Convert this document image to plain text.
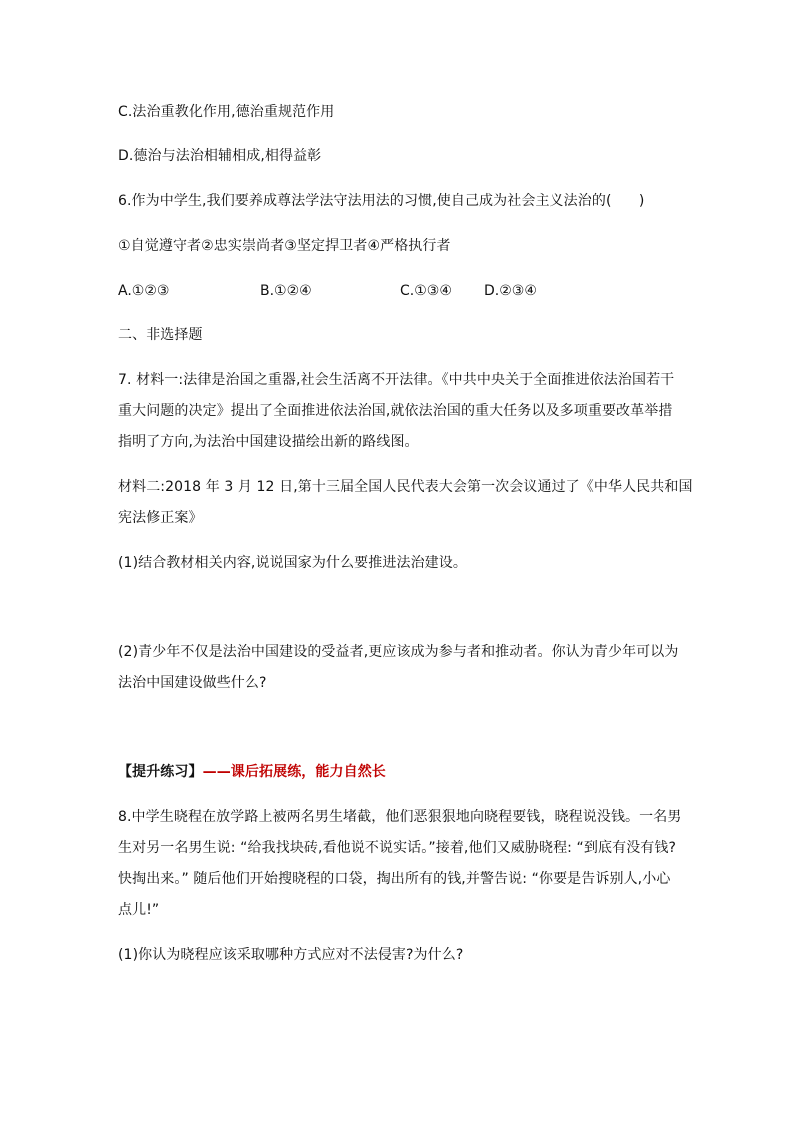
C.法治重教化作用,德治重规范作用
D.德治与法治相辅相成,相得益彰
6.作为中学生,我们要养成尊法学法守法用法的习惯,使自己成为社会主义法治的(      )
①自觉遵守者②忠实崇尚者③坚定捍卫者④严格执行者
A.①②③	B.①②④	C.①③④ D.②③④
二、非选择题
7. 材料一:法律是治国之重器,社会生活离不开法律。《中共中央关于全面推进依法治国若干
重大问题的决定》提出了全面推进依法治国,就依法治国的重大任务以及多项重要改革举措
指明了方向,为法治中国建设描绘出新的路线图。
材料二:2018 年 3 月 12 日,第十三届全国人民代表大会第一次会议通过了《中华人民共和国
宪法修正案》
(1)结合教材相关内容,说说国家为什么要推进法治建设。
(2)青少年不仅是法治中国建设的受益者,更应该成为参与者和推动者。你认为青少年可以为
法治中国建设做些什么?
【提升练习】——课后拓展练，能力自然长
8.中学生晓程在放学路上被两名男生堵截，他们恶狠狠地向晓程要钱，晓程说没钱。一名男
生对另一名男生说: “给我找块砖,看他说不说实话。”接着,他们又威胁晓程: “到底有没有钱?
快掏出来。” 随后他们开始搜晓程的口袋，掏出所有的钱,并警告说: “你要是告诉别人,小心
点儿!”
(1)你认为晓程应该采取哪种方式应对不法侵害?为什么?
